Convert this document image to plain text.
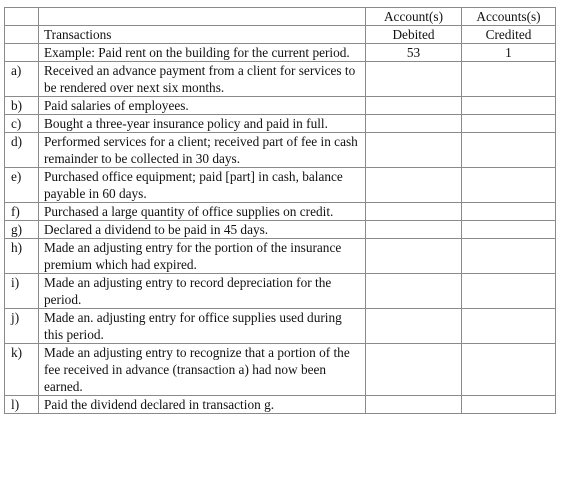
		Account(s)	Accounts(s)
	Transactions	Debited	Credited
	Example: Paid rent on the building for the current period.	53	1
a)	Received an advance payment from a client for services to be rendered over next six months.		
b)	Paid salaries of employees.		
c)	Bought a three-year insurance policy and paid in full.		
d)	Performed services for a client; received part of fee in cash remainder to be collected in 30 days.		
e)	Purchased office equipment; paid [part] in cash, balance payable in 60 days.		
f)	Purchased a large quantity of office supplies on credit.		
g)	Declared a dividend to be paid in 45 days.		
h)	Made an adjusting entry for the portion of the insurance premium which had expired.		
i)	Made an adjusting entry to record depreciation for the period.		
j)	Made an. adjusting entry for office supplies used during this period.		
k)	Made an adjusting entry to recognize that a portion of the fee received in advance (transaction a) had now been earned.		
l)	Paid the dividend declared in transaction g.		
